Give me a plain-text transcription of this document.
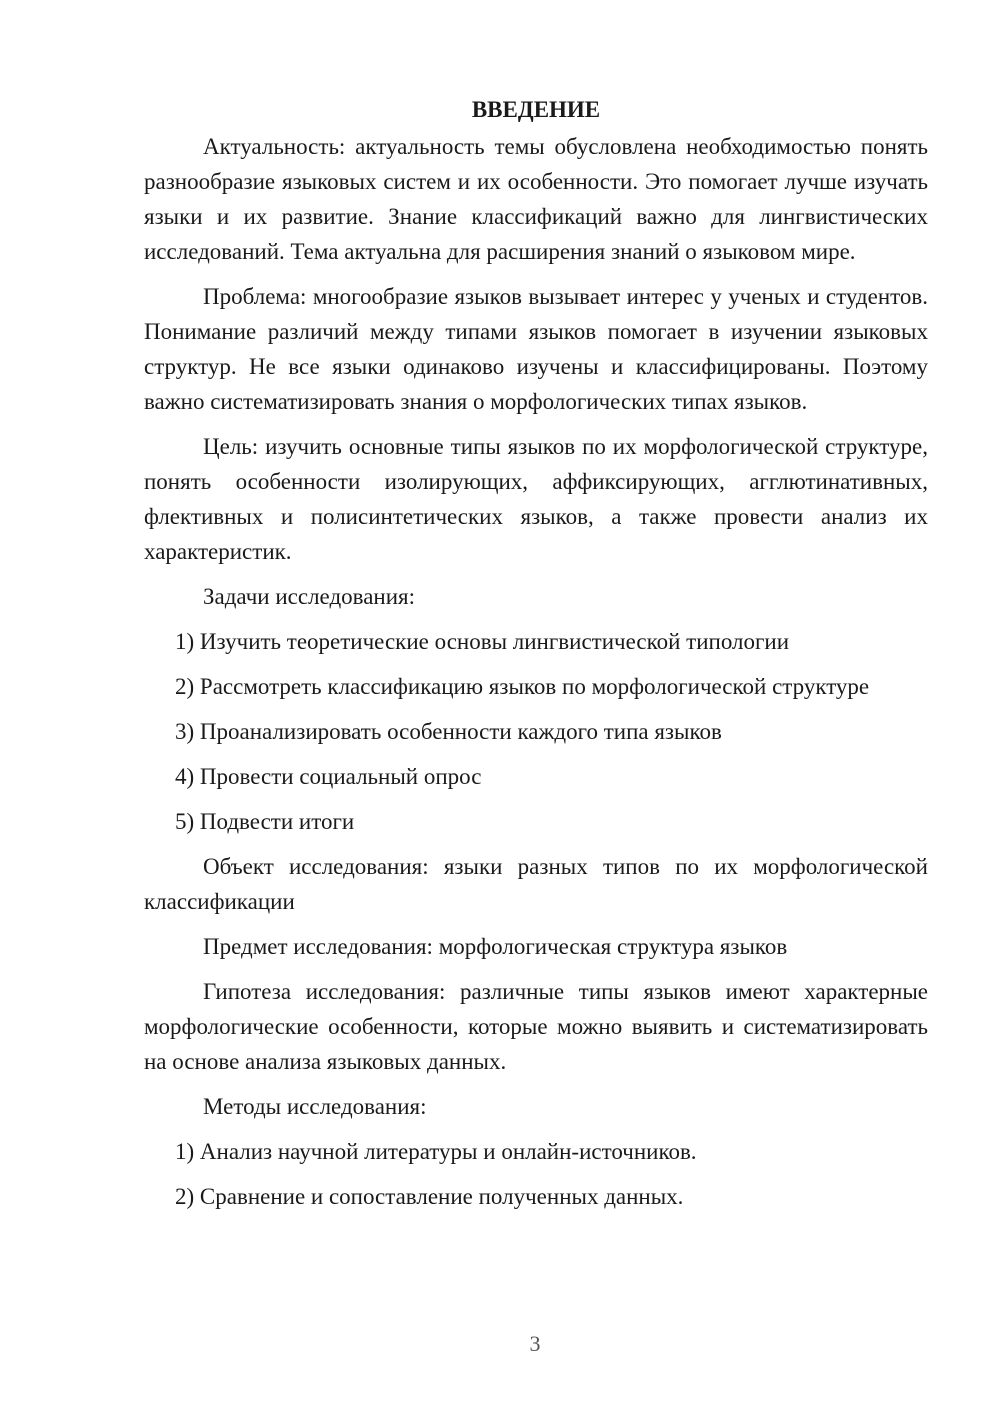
ВВЕДЕНИЕ

Актуальность: актуальность темы обусловлена необходимостью понять разнообразие языковых систем и их особенности. Это помогает лучше изучать языки и их развитие. Знание классификаций важно для лингвистических исследований. Тема актуальна для расширения знаний о языковом мире.

Проблема: многообразие языков вызывает интерес у ученых и студентов. Понимание различий между типами языков помогает в изучении языковых структур. Не все языки одинаково изучены и классифицированы. Поэтому важно систематизировать знания о морфологических типах языков.

Цель: изучить основные типы языков по их морфологической структуре, понять особенности изолирующих, аффиксирующих, агглютинативных, флективных и полисинтетических языков, а также провести анализ их характеристик.

Задачи исследования:

1) Изучить теоретические основы лингвистической типологии
2) Рассмотреть классификацию языков по морфологической структуре
3) Проанализировать особенности каждого типа языков
4) Провести социальный опрос
5) Подвести итоги

Объект исследования: языки разных типов по их морфологической классификации

Предмет исследования: морфологическая структура языков

Гипотеза исследования: различные типы языков имеют характерные морфологические особенности, которые можно выявить и систематизировать на основе анализа языковых данных.

Методы исследования:

1) Анализ научной литературы и онлайн-источников.
2) Сравнение и сопоставление полученных данных.
3
